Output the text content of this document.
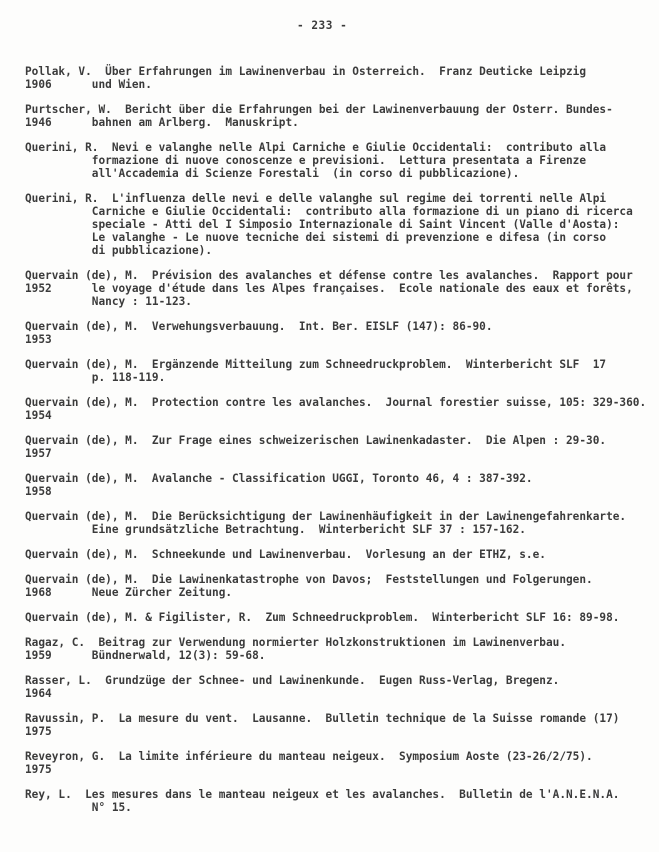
- 233 -
Pollak, V.  Über Erfahrungen im Lawinenverbau in Osterreich.  Franz Deuticke Leipzig
1906      und Wien.
Purtscher, W.  Bericht über die Erfahrungen bei der Lawinenverbauung der Osterr. Bundes-
1946      bahnen am Arlberg.  Manuskript.
Querini, R.  Nevi e valanghe nelle Alpi Carniche e Giulie Occidentali:  contributo alla
formazione di nuove conoscenze e previsioni.  Lettura presentata a Firenze
all'Accademia di Scienze Forestali  (in corso di pubblicazione).
Querini, R.  L'influenza delle nevi e delle valanghe sul regime dei torrenti nelle Alpi
Carniche e Giulie Occidentali:  contributo alla formazione di un piano di ricerca
speciale - Atti del I Simposio Internazionale di Saint Vincent (Valle d'Aosta):
Le valanghe - Le nuove tecniche dei sistemi di prevenzione e difesa (in corso
di pubblicazione).
Quervain (de), M.  Prévision des avalanches et défense contre les avalanches.  Rapport pour
1952      le voyage d'étude dans les Alpes françaises.  Ecole nationale des eaux et forêts,
Nancy : 11-123.
Quervain (de), M.  Verwehungsverbauung.  Int. Ber. EISLF (147): 86-90.
1953
Quervain (de), M.  Ergänzende Mitteilung zum Schneedruckproblem.  Winterbericht SLF  17
p. 118-119.
Quervain (de), M.  Protection contre les avalanches.  Journal forestier suisse, 105: 329-360.
1954
Quervain (de), M.  Zur Frage eines schweizerischen Lawinenkadaster.  Die Alpen : 29-30.
1957
Quervain (de), M.  Avalanche - Classification UGGI, Toronto 46, 4 : 387-392.
1958
Quervain (de), M.  Die Berücksichtigung der Lawinenhäufigkeit in der Lawinengefahrenkarte.
Eine grundsätzliche Betrachtung.  Winterbericht SLF 37 : 157-162.
Quervain (de), M.  Schneekunde und Lawinenverbau.  Vorlesung an der ETHZ, s.e.
Quervain (de), M.  Die Lawinenkatastrophe von Davos;  Feststellungen und Folgerungen.
1968      Neue Zürcher Zeitung.
Quervain (de), M. & Figilister, R.  Zum Schneedruckproblem.  Winterbericht SLF 16: 89-98.
Ragaz, C.  Beitrag zur Verwendung normierter Holzkonstruktionen im Lawinenverbau.
1959      Bündnerwald, 12(3): 59-68.
Rasser, L.  Grundzüge der Schnee- und Lawinenkunde.  Eugen Russ-Verlag, Bregenz.
1964
Ravussin, P.  La mesure du vent.  Lausanne.  Bulletin technique de la Suisse romande (17)
1975
Reveyron, G.  La limite inférieure du manteau neigeux.  Symposium Aoste (23-26/2/75).
1975
Rey, L.  Les mesures dans le manteau neigeux et les avalanches.  Bulletin de l'A.N.E.N.A.
N° 15.
